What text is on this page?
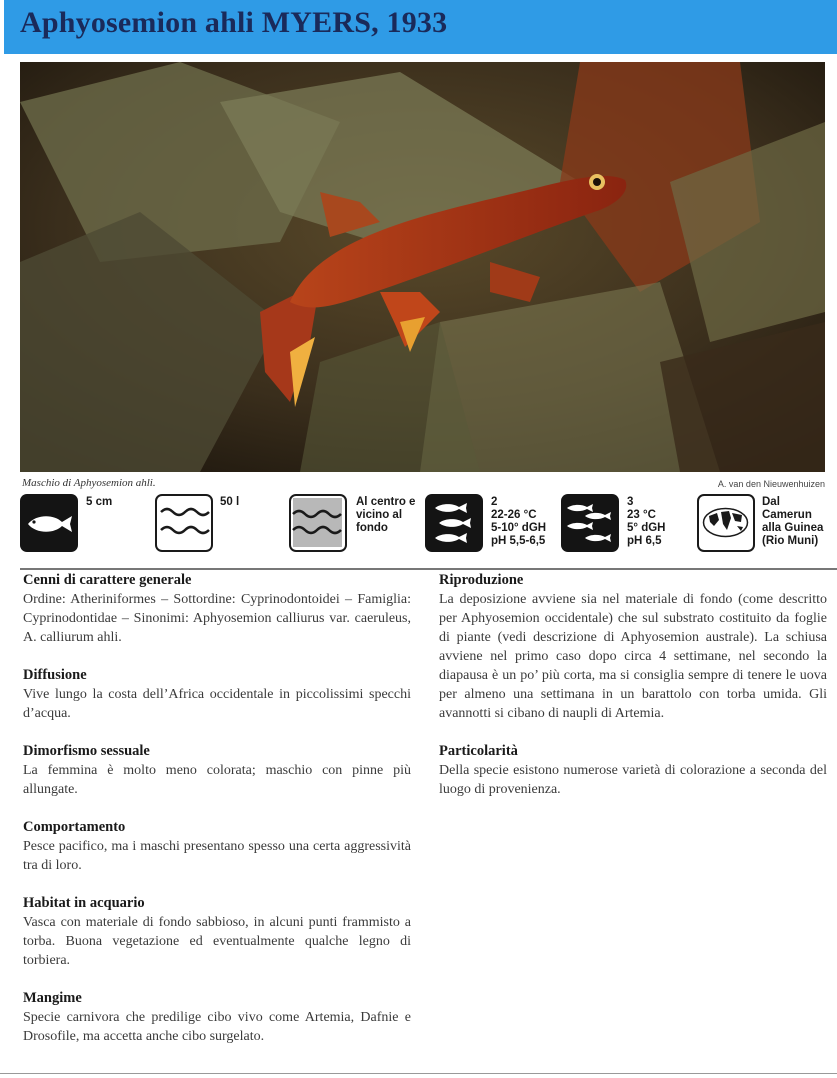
Aphyosemion ahli MYERS, 1933
Maschio di Aphyosemion ahli.	A. van den Nieuwenhuizen
5 cm	50 l	Al centro e
vicino al
fondo
2
22-26 °C
5-10° dGH
pH 5,5-6,5
3
23 °C
5° dGH
pH 6,5
Dal
Camerun
alla Guinea
(Rio Muni)
Cenni di carattere generale

Ordine: Atheriniformes – Sottordine: Cyprinodontoidei – Famiglia: Cyprinodontidae – Sinonimi: Aphyosemion calliurus var. caeruleus, A. calliurum ahli.

Diffusione

Vive lungo la costa dell’Africa occidentale in piccolissimi specchi d’acqua.

Dimorfismo sessuale

La femmina è molto meno colorata; maschio con pinne più allungate.

Comportamento

Pesce pacifico, ma i maschi presentano spesso una certa aggressività tra di loro.

Habitat in acquario

Vasca con materiale di fondo sabbioso, in alcuni punti frammisto a torba. Buona vegetazione ed eventualmente qualche legno di torbiera.

Mangime

Specie carnivora che predilige cibo vivo come Artemia, Dafnie e Drosofile, ma accetta anche cibo surgelato.

Riproduzione

La deposizione avviene sia nel materiale di fondo (come descritto per Aphyosemion occidentale) che sul substrato costituito da foglie di piante (vedi descrizione di Aphyosemion australe). La schiusa avviene nel primo caso dopo circa 4 settimane, nel secondo la diapausa è un po’ più corta, ma si consiglia sempre di tenere le uova per almeno una settimana in un barattolo con torba umida. Gli avannotti si cibano di naupli di Artemia.

Particolarità

Della specie esistono numerose varietà di colorazione a seconda del luogo di provenienza.
